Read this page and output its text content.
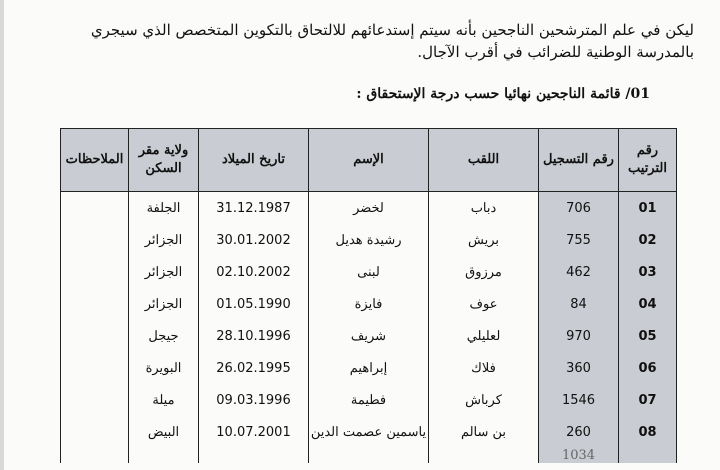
ليكن في علم المترشحين الناجحين بأنه سيتم إستدعائهم للالتحاق بالتكوين المتخصص الذي سيجري بالمدرسة الوطنية للضرائب في أقرب الآجال.

01/ قائمة الناجحين نهائيا حسب درجة الإستحقاق :
رقم الترتيب	رقم التسجيل	اللقب	الإسم	تاريخ الميلاد	ولاية مقر السكن	الملاحظات
01	706	دباب	لخضر	31.12.1987	الجلفة	
02	755	بريش	رشيدة هديل	30.01.2002	الجزائر	
03	462	مرزوق	لبنى	02.10.2002	الجزائر	
04	84	عوف	فايزة	01.05.1990	الجزائر	
05	970	لعليلي	شريف	28.10.1996	جيجل	
06	360	فلاك	إبراهيم	26.02.1995	البويرة	
07	1546	كرباش	فطيمة	09.03.1996	ميلة	
08	260	بن سالم	ياسمين عصمت الدين	10.07.2001	البيض	
	1034					
